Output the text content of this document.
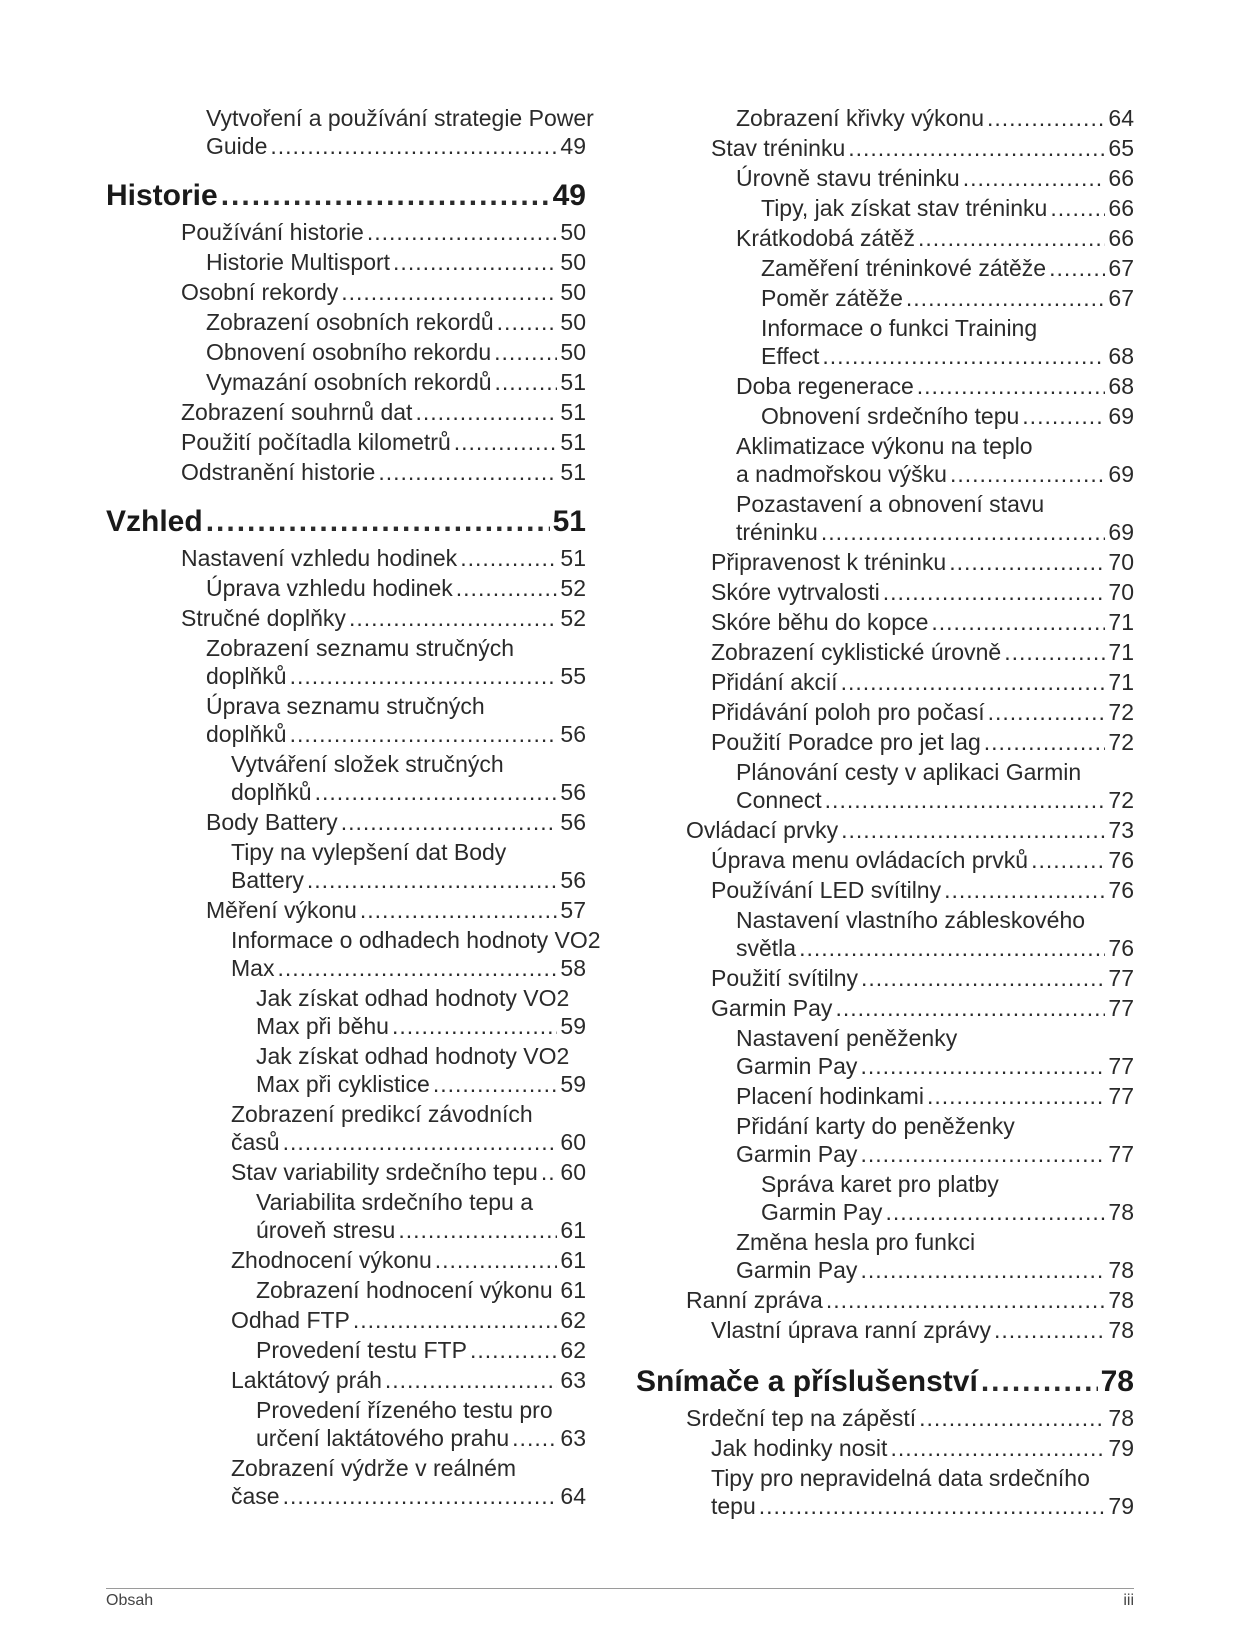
Vytvoření a používání strategie Power
Guide .....	49
Historie .....	49
Používání historie .....	50
Historie Multisport .....	50
Osobní rekordy .....	50
Zobrazení osobních rekordů .....	50
Obnovení osobního rekordu .....	50
Vymazání osobních rekordů .....	51
Zobrazení souhrnů dat .....	51
Použití počítadla kilometrů .....	51
Odstranění historie .....	51
Vzhled .....	51
Nastavení vzhledu hodinek .....	51
Úprava vzhledu hodinek .....	52
Stručné doplňky .....	52
Zobrazení seznamu stručných
doplňků .....	55
Úprava seznamu stručných
doplňků .....	56
Vytváření složek stručných
doplňků .....	56
Body Battery .....	56
Tipy na vylepšení dat Body
Battery .....	56
Měření výkonu .....	57
Informace o odhadech hodnoty VO2
Max .....	58
Jak získat odhad hodnoty VO2
Max při běhu .....	59
Jak získat odhad hodnoty VO2
Max při cyklistice .....	59
Zobrazení predikcí závodních
časů .....	60
Stav variability srdečního tepu ..... 60
Variabilita srdečního tepu a
úroveň stresu .....	61
Zhodnocení výkonu .....	61
Zobrazení hodnocení výkonu ..... 61
Odhad FTP .....	62
Provedení testu FTP .....	62
Laktátový práh .....	63
Provedení řízeného testu pro
určení laktátového prahu ..... 63
Zobrazení výdrže v reálném
čase .....	64
Zobrazení křivky výkonu .....	64
Stav tréninku .....	65
Úrovně stavu tréninku .....	66
Tipy, jak získat stav tréninku .....	66
Krátkodobá zátěž .....	66
Zaměření tréninkové zátěže .....	67
Poměr zátěže .....	67
Informace o funkci Training
Effect .....	68
Doba regenerace .....	68
Obnovení srdečního tepu .....	69
Aklimatizace výkonu na teplo
a nadmořskou výšku .....	69
Pozastavení a obnovení stavu
tréninku .....	69
Připravenost k tréninku .....	70
Skóre vytrvalosti .....	70
Skóre běhu do kopce .....	71
Zobrazení cyklistické úrovně .....	71
Přidání akcií .....	71
Přidávání poloh pro počasí .....	72
Použití Poradce pro jet lag .....	72
Plánování cesty v aplikaci Garmin
Connect .....	72
Ovládací prvky .....	73
Úprava menu ovládacích prvků .....	76
Používání LED svítilny .....	76
Nastavení vlastního zábleskového
světla .....	76
Použití svítilny .....	77
Garmin Pay .....	77
Nastavení peněženky
Garmin Pay .....	77
Placení hodinkami .....	77
Přidání karty do peněženky
Garmin Pay .....	77
Správa karet pro platby
Garmin Pay .....	78
Změna hesla pro funkci
Garmin Pay .....	78
Ranní zpráva .....	78
Vlastní úprava ranní zprávy .....	78
Snímače a příslušenství .....	78
Srdeční tep na zápěstí .....	78
Jak hodinky nosit .....	79
Tipy pro nepravidelná data srdečního
tepu .....	79
Obsah	iii
